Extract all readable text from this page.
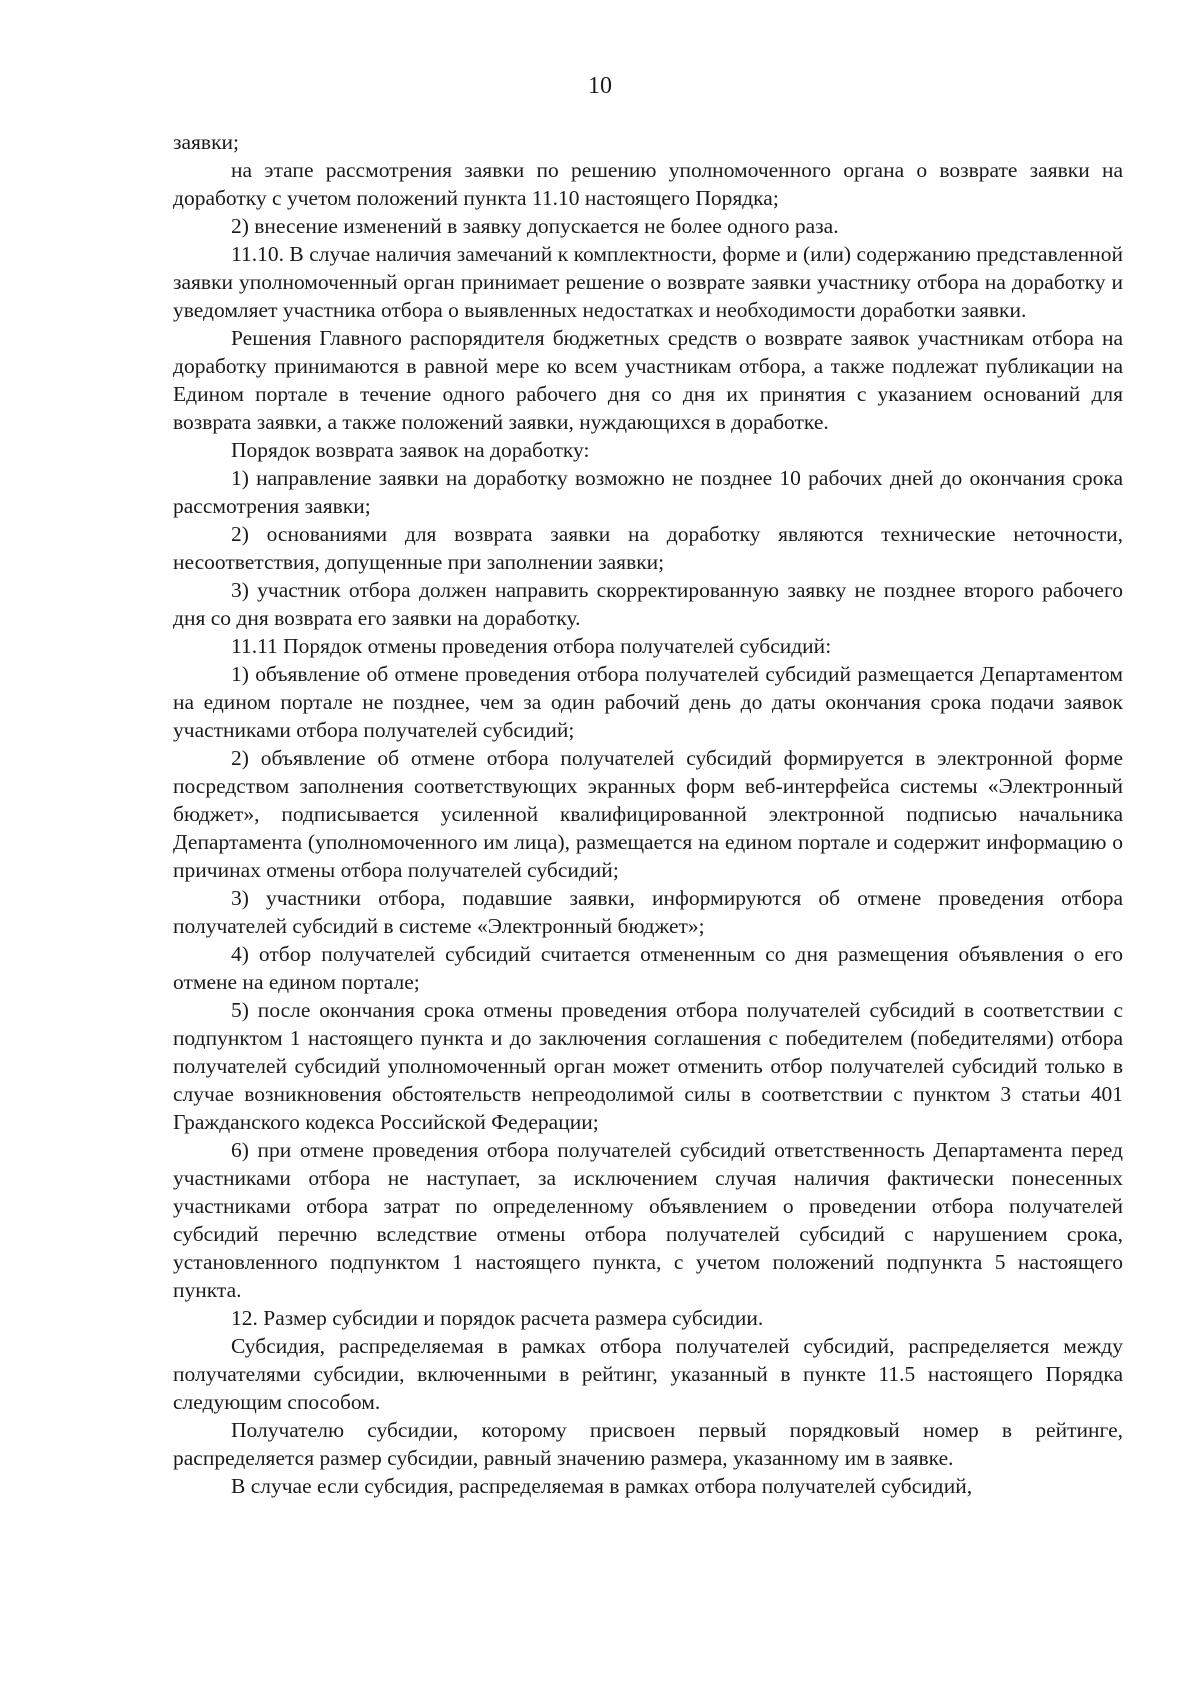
10

заявки;

на этапе рассмотрения заявки по решению уполномоченного органа о возврате заявки на доработку с учетом положений пункта 11.10 настоящего Порядка;

2) внесение изменений в заявку допускается не более одного раза.

11.10. В случае наличия замечаний к комплектности, форме и (или) содержанию представленной заявки уполномоченный орган принимает решение о возврате заявки участнику отбора на доработку и уведомляет участника отбора о выявленных недостатках и необходимости доработки заявки.

Решения Главного распорядителя бюджетных средств о возврате заявок участникам отбора на доработку принимаются в равной мере ко всем участникам отбора, а также подлежат публикации на Едином портале в течение одного рабочего дня со дня их принятия с указанием оснований для возврата заявки, а также положений заявки, нуждающихся в доработке.

Порядок возврата заявок на доработку:

1) направление заявки на доработку возможно не позднее 10 рабочих дней до окончания срока рассмотрения заявки;

2) основаниями для возврата заявки на доработку являются технические неточности, несоответствия, допущенные при заполнении заявки;

3) участник отбора должен направить скорректированную заявку не позднее второго рабочего дня со дня возврата его заявки на доработку.

11.11 Порядок отмены проведения отбора получателей субсидий:

1) объявление об отмене проведения отбора получателей субсидий размещается Департаментом на едином портале не позднее, чем за один рабочий день до даты окончания срока подачи заявок участниками отбора получателей субсидий;

2) объявление об отмене отбора получателей субсидий формируется в электронной форме посредством заполнения соответствующих экранных форм веб-интерфейса системы «Электронный бюджет», подписывается усиленной квалифицированной электронной подписью начальника Департамента (уполномоченного им лица), размещается на едином портале и содержит информацию о причинах отмены отбора получателей субсидий;

3) участники отбора, подавшие заявки, информируются об отмене проведения отбора получателей субсидий в системе «Электронный бюджет»;

4) отбор получателей субсидий считается отмененным со дня размещения объявления о его отмене на едином портале;

5) после окончания срока отмены проведения отбора получателей субсидий в соответствии с подпунктом 1 настоящего пункта и до заключения соглашения с победителем (победителями) отбора получателей субсидий уполномоченный орган может отменить отбор получателей субсидий только в случае возникновения обстоятельств непреодолимой силы в соответствии с пунктом 3 статьи 401 Гражданского кодекса Российской Федерации;

6) при отмене проведения отбора получателей субсидий ответственность Департамента перед участниками отбора не наступает, за исключением случая наличия фактически понесенных участниками отбора затрат по определенному объявлением о проведении отбора получателей субсидий перечню вследствие отмены отбора получателей субсидий с нарушением срока, установленного подпунктом 1 настоящего пункта, с учетом положений подпункта 5 настоящего пункта.

12. Размер субсидии и порядок расчета размера субсидии.

Субсидия, распределяемая в рамках отбора получателей субсидий, распределяется между получателями субсидии, включенными в рейтинг, указанный в пункте 11.5 настоящего Порядка следующим способом.

Получателю субсидии, которому присвоен первый порядковый номер в рейтинге, распределяется размер субсидии, равный значению размера, указанному им в заявке.

В случае если субсидия, распределяемая в рамках отбора получателей субсидий,
